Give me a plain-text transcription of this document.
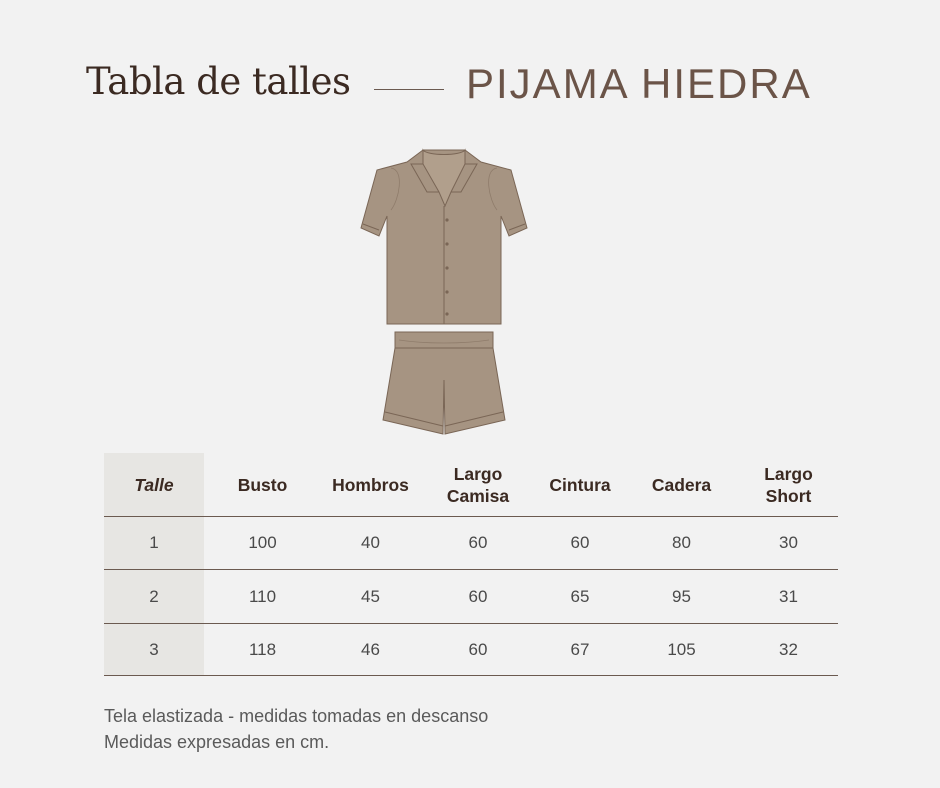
Tabla de talles	PIJAMA HIEDRA
Talle	Busto	Hombros	Largo Camisa	Cintura	Cadera	Largo Short
1	100	40	60	60	80	30
2	110	45	60	65	95	31
3	118	46	60	67	105	32
Tela elastizada - medidas tomadas en descanso
Medidas expresadas en cm.
